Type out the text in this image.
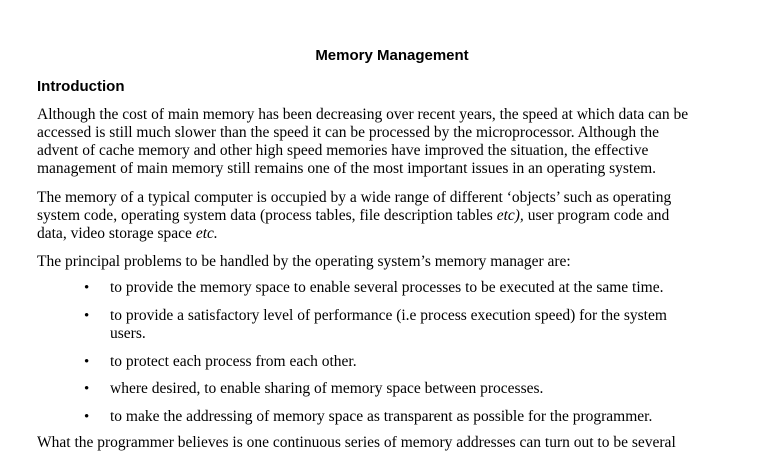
Memory Management
Introduction

Although the cost of main memory has been decreasing over recent years, the speed at which data can be
accessed is still much slower than the speed it can be processed by the microprocessor. Although the
advent of cache memory and other high speed memories have improved the situation, the effective
management of main memory still remains one of the most important issues in an operating system.

The memory of a typical computer is occupied by a wide range of different ‘objects’ such as operating
system code, operating system data (process tables, file description tables etc), user program code and
data, video storage space etc.

The principal problems to be handled by the operating system’s memory manager are:

• to provide the memory space to enable several processes to be executed at the same time.
• to provide a satisfactory level of performance (i.e process execution speed) for the system
users.
• to protect each process from each other.
• where desired, to enable sharing of memory space between processes.
• to make the addressing of memory space as transparent as possible for the programmer.
What the programmer believes is one continuous series of memory addresses can turn out to be several
